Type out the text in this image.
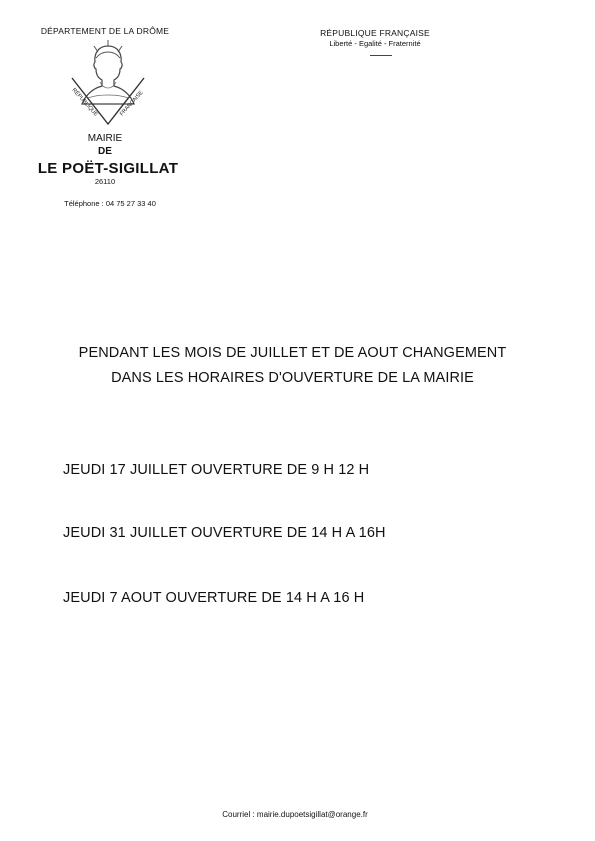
DÉPARTEMENT DE LA DRÔME	RÉPUBLIQUE FRANÇAISE
Liberté - Egalité - Fraternité
RÉPUBLIQUE	FRANÇAISE
MAIRIE
DE
LE POËT-SIGILLAT
26110
Téléphone : 04 75 27 33 40
PENDANT LES MOIS DE JUILLET ET DE AOUT CHANGEMENT
DANS LES HORAIRES D'OUVERTURE DE LA MAIRIE
JEUDI 17 JUILLET OUVERTURE DE 9 H 12 H
JEUDI 31 JUILLET OUVERTURE DE 14 H A 16H
JEUDI 7 AOUT OUVERTURE DE 14 H A 16 H
Courriel : mairie.dupoetsigillat@orange.fr
